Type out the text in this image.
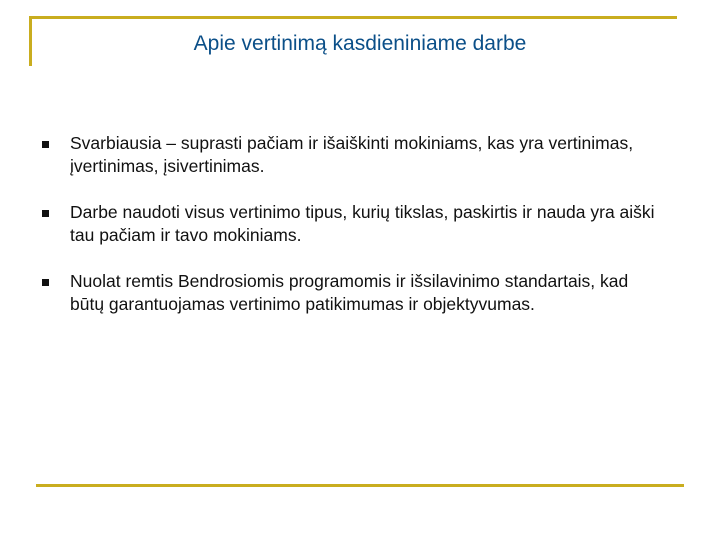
Apie vertinimą kasdieniniame darbe
Svarbiausia – suprasti pačiam ir išaiškinti mokiniams, kas yra vertinimas, įvertinimas, įsivertinimas.
Darbe naudoti visus vertinimo tipus, kurių tikslas, paskirtis ir nauda yra aiški tau pačiam ir tavo mokiniams.
Nuolat remtis Bendrosiomis programomis ir išsilavinimo standartais, kad būtų garantuojamas vertinimo patikimumas ir objektyvumas.
